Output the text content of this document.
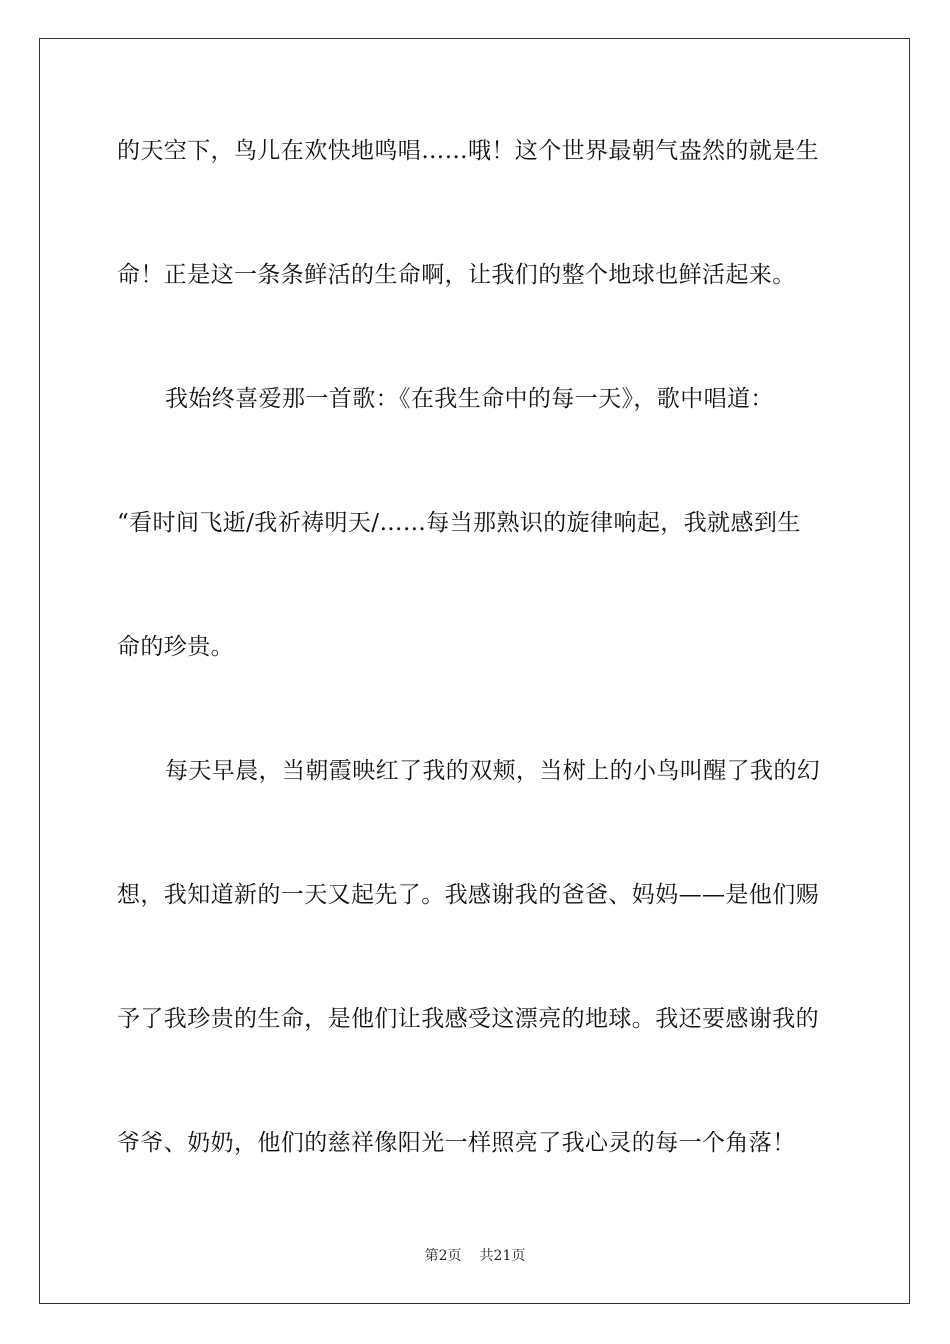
的天空下，鸟儿在欢快地鸣唱……哦！这个世界最朝气盎然的就是生
命！正是这一条条鲜活的生命啊，让我们的整个地球也鲜活起来。
我始终喜爱那一首歌：《在我生命中的每一天》，歌中唱道：
“看时间飞逝/我祈祷明天/……每当那熟识的旋律响起，我就感到生
命的珍贵。
每天早晨，当朝霞映红了我的双颊，当树上的小鸟叫醒了我的幻
想，我知道新的一天又起先了。我感谢我的爸爸、妈妈——是他们赐
予了我珍贵的生命，是他们让我感受这漂亮的地球。我还要感谢我的
爷爷、奶奶，他们的慈祥像阳光一样照亮了我心灵的每一个角落！
第2页 共21页
